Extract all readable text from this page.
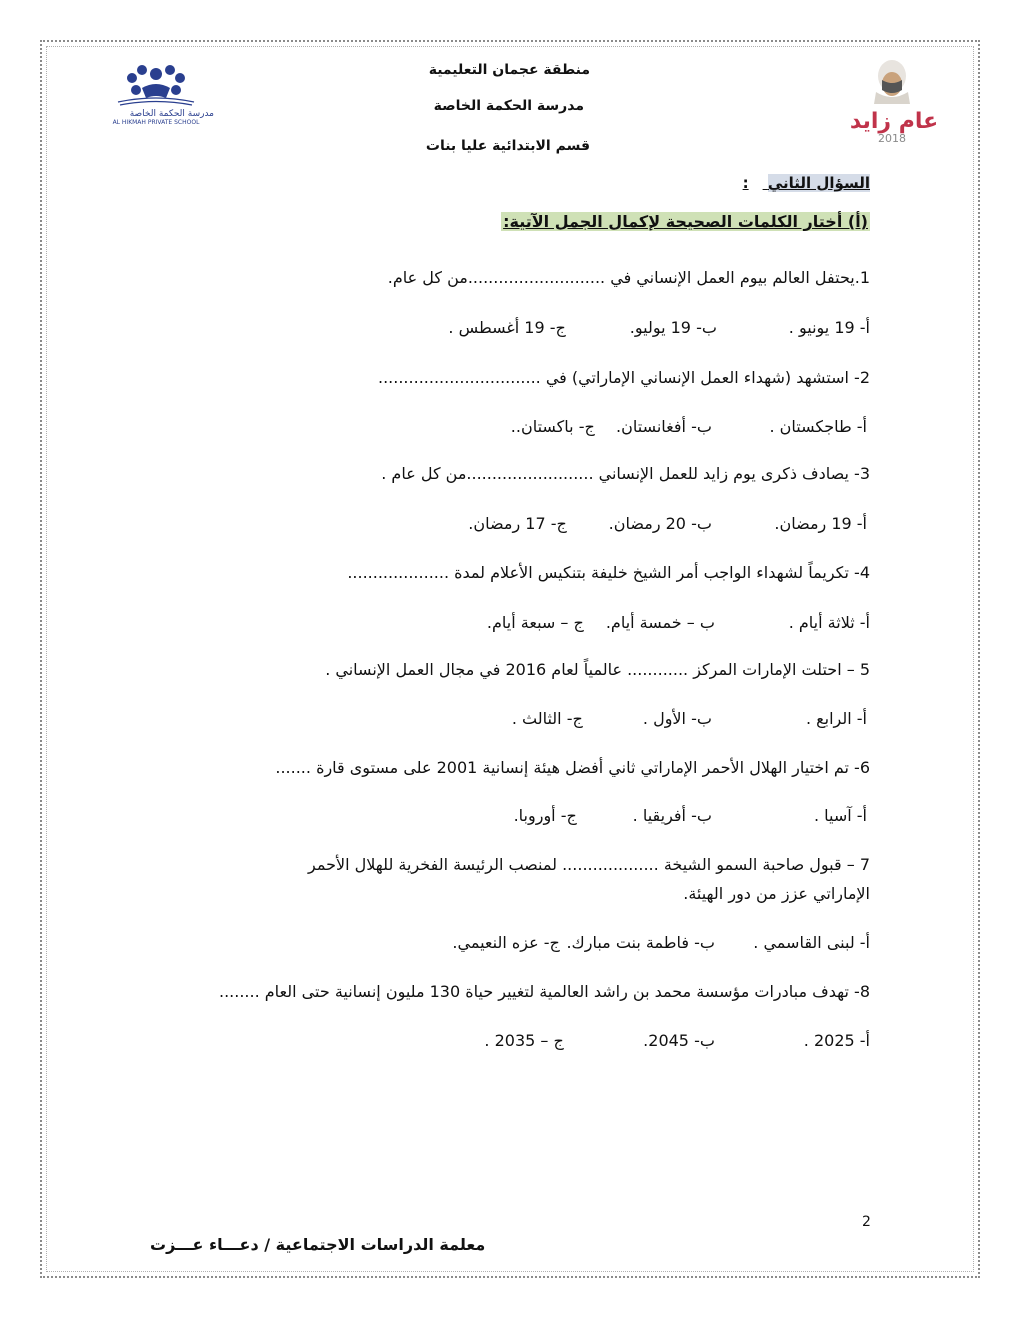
مدرسة الحكمة الخاصة
AL HIKMAH PRIVATE SCHOOL	عام زايد
2018
منطقة عجمان التعليمية
مدرسة الحكمة الخاصة
قسم الابتدائية عليا بنات
السؤال الثاني :
(أ) أختار الكلمات الصحيحة لإكمال الجمل الآتية:
1.يحتفل العالم بيوم العمل الإنساني في ...........................من كل عام.
أ- 19 يونيو . ب- 19 يوليو. ج- 19 أغسطس .
2- استشهد (شهداء العمل الإنساني الإماراتي) في ................................
أ- طاجكستان . ب- أفغانستان. ج- باكستان..
3- يصادف ذكرى يوم زايد للعمل الإنساني .........................من كل عام .
أ- 19 رمضان. ب- 20 رمضان. ج- 17 رمضان.
4- تكريماً لشهداء الواجب أمر الشيخ خليفة بتنكيس الأعلام لمدة ....................
أ- ثلاثة أيام . ب – خمسة أيام. ج – سبعة أيام.
5 – احتلت الإمارات المركز ............ عالمياً لعام 2016 في مجال العمل الإنساني .
أ- الرابع . ب- الأول . ج- الثالث .
6- تم اختيار الهلال الأحمر الإماراتي ثاني أفضل هيئة إنسانية 2001 على مستوى قارة .......
أ- آسيا . ب- أفريقيا . ج- أوروبا.
7 – قبول صاحبة السمو الشيخة ................... لمنصب الرئيسة الفخرية للهلال الأحمر
الإماراتي عزز من دور الهيئة.
أ- لبنى القاسمي . ب- فاطمة بنت مبارك. ج- عزه النعيمي.
8- تهدف مبادرات مؤسسة محمد بن راشد العالمية لتغيير حياة 130 مليون إنسانية حتى العام ........
أ- 2025 . ب- 2045. ج – 2035 .
2
معلمة الدراسات الاجتماعية / دعـــاء عـــزت
